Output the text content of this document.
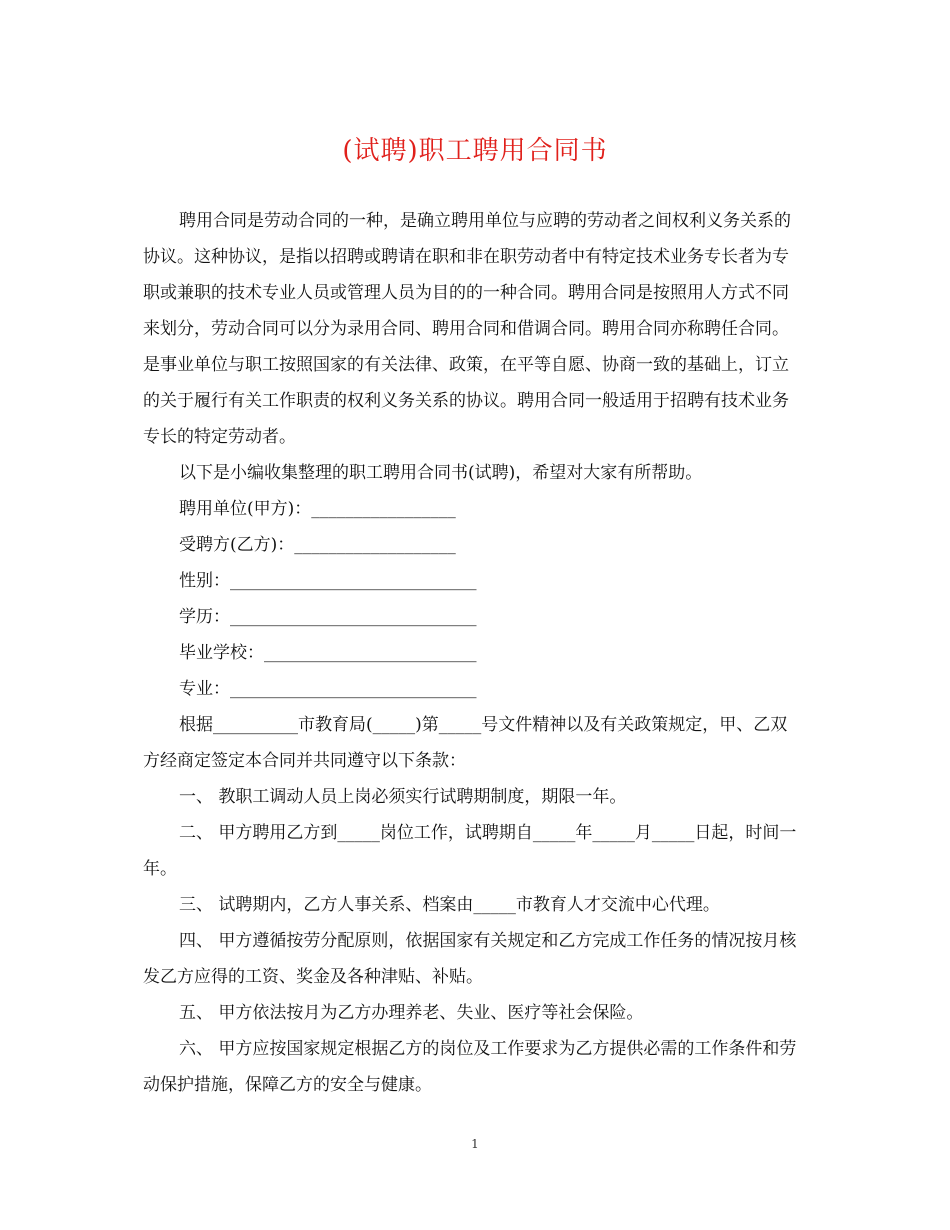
(试聘)职工聘用合同书

聘用合同是劳动合同的一种，是确立聘用单位与应聘的劳动者之间权利义务关系的协议。这种协议，是指以招聘或聘请在职和非在职劳动者中有特定技术业务专长者为专职或兼职的技术专业人员或管理人员为目的的一种合同。聘用合同是按照用人方式不同来划分，劳动合同可以分为录用合同、聘用合同和借调合同。聘用合同亦称聘任合同。是事业单位与职工按照国家的有关法律、政策，在平等自愿、协商一致的基础上，订立的关于履行有关工作职责的权利义务关系的协议。聘用合同一般适用于招聘有技术业务专长的特定劳动者。

以下是小编收集整理的职工聘用合同书(试聘)，希望对大家有所帮助。

聘用单位(甲方)：_________________

受聘方(乙方)：___________________

性别：_____________________________

学历：_____________________________

毕业学校：_________________________

专业：_____________________________

根据__________市教育局(_____)第_____号文件精神以及有关政策规定，甲、乙双方经商定签定本合同并共同遵守以下条款：

一、 教职工调动人员上岗必须实行试聘期制度，期限一年。

二、 甲方聘用乙方到_____岗位工作，试聘期自_____年_____月_____日起，时间一年。

三、 试聘期内，乙方人事关系、档案由_____市教育人才交流中心代理。

四、 甲方遵循按劳分配原则，依据国家有关规定和乙方完成工作任务的情况按月核发乙方应得的工资、奖金及各种津贴、补贴。

五、 甲方依法按月为乙方办理养老、失业、医疗等社会保险。

六、 甲方应按国家规定根据乙方的岗位及工作要求为乙方提供必需的工作条件和劳动保护措施，保障乙方的安全与健康。

1
